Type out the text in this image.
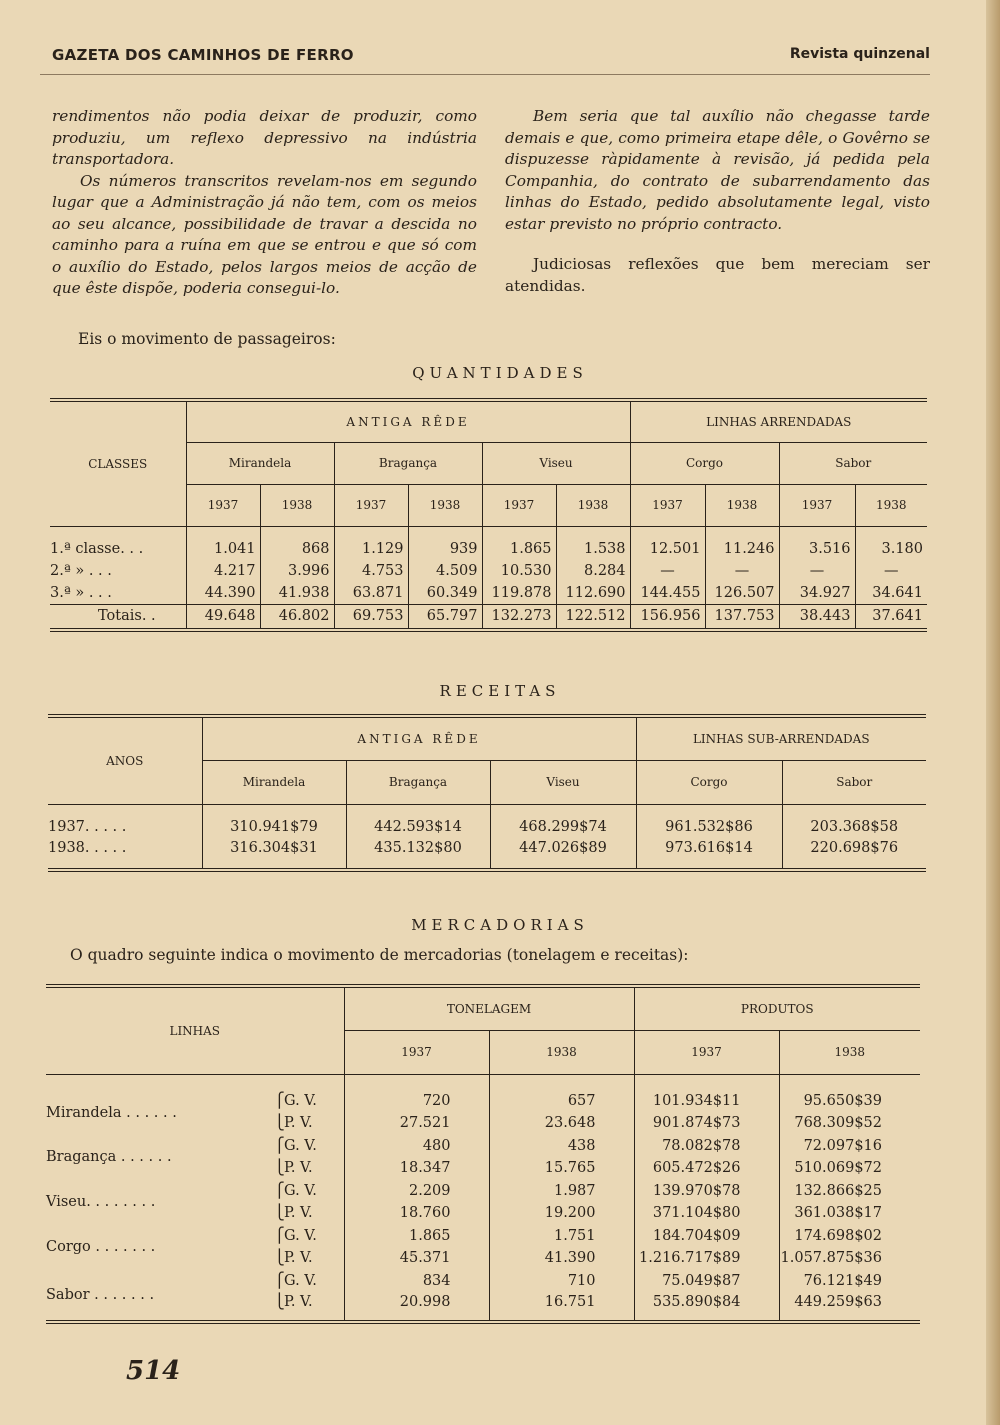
GAZETA DOS CAMINHOS DE FERRO	Revista quinzenal

rendimentos não podia deixar de produzir, como produziu, um reflexo depressivo na indústria transportadora.

Os números transcritos revelam-nos em segundo lugar que a Administração já não tem, com os meios ao seu alcance, possibilidade de travar a descida no caminho para a ruína em que se entrou e que só com o auxílio do Estado, pelos largos meios de acção de que êste dispõe, poderia consegui-lo.

Bem seria que tal auxílio não chegasse tarde demais e que, como primeira etape dêle, o Govêrno se dispuzesse ràpidamente à revisão, já pedida pela Companhia, do contrato de subarrendamento das linhas do Estado, pedido absolutamente legal, visto estar previsto no próprio contracto.

Judiciosas reflexões que bem mereciam ser atendidas.
Eis o movimento de passageiros:
QUANTIDADES
CLASSES	ANTIGA RÊDE						LINHAS ARRENDADAS			
	Mirandela		Bragança		Viseu		Corgo		Sabor	
	1937	1938	1937	1938	1937	1938	1937	1938	1937	1938
1.ª classe. . .	1.041	868	1.129	939	1.865	1.538	12.501	11.246	3.516	3.180
2.ª » . . .	4.217	3.996	4.753	4.509	10.530	8.284	—	—	—	—
3.ª » . . .	44.390	41.938	63.871	60.349	119.878	112.690	144.455	126.507	34.927	34.641
Totais. .	49.648	46.802	69.753	65.797	132.273	122.512	156.956	137.753	38.443	37.641
RECEITAS
ANOS	ANTIGA RÊDE			LINHAS SUB-ARRENDADAS	
	Mirandela	Bragança	Viseu	Corgo	Sabor
1937. . . . .	310.941$79	442.593$14	468.299$74	961.532$86	203.368$58
1938. . . . .	316.304$31	435.132$80	447.026$89	973.616$14	220.698$76
MERCADORIAS
O quadro seguinte indica o movimento de mercadorias (tonelagem e receitas):
LINHAS		TONELAGEM		PRODUTOS	
		1937	1938	1937	1938
Mirandela . . . . . .	⎧G. V.	720	657	101.934$11	95.650$39
	⎩P. V.	27.521	23.648	901.874$73	768.309$52
Bragança . . . . . .	⎧G. V.	480	438	78.082$78	72.097$16
	⎩P. V.	18.347	15.765	605.472$26	510.069$72
Viseu. . . . . . . .	⎧G. V.	2.209	1.987	139.970$78	132.866$25
	⎩P. V.	18.760	19.200	371.104$80	361.038$17
Corgo . . . . . . .	⎧G. V.	1.865	1.751	184.704$09	174.698$02
	⎩P. V.	45.371	41.390	1.216.717$89	1.057.875$36
Sabor . . . . . . .	⎧G. V.	834	710	75.049$87	76.121$49
	⎩P. V.	20.998	16.751	535.890$84	449.259$63
514
